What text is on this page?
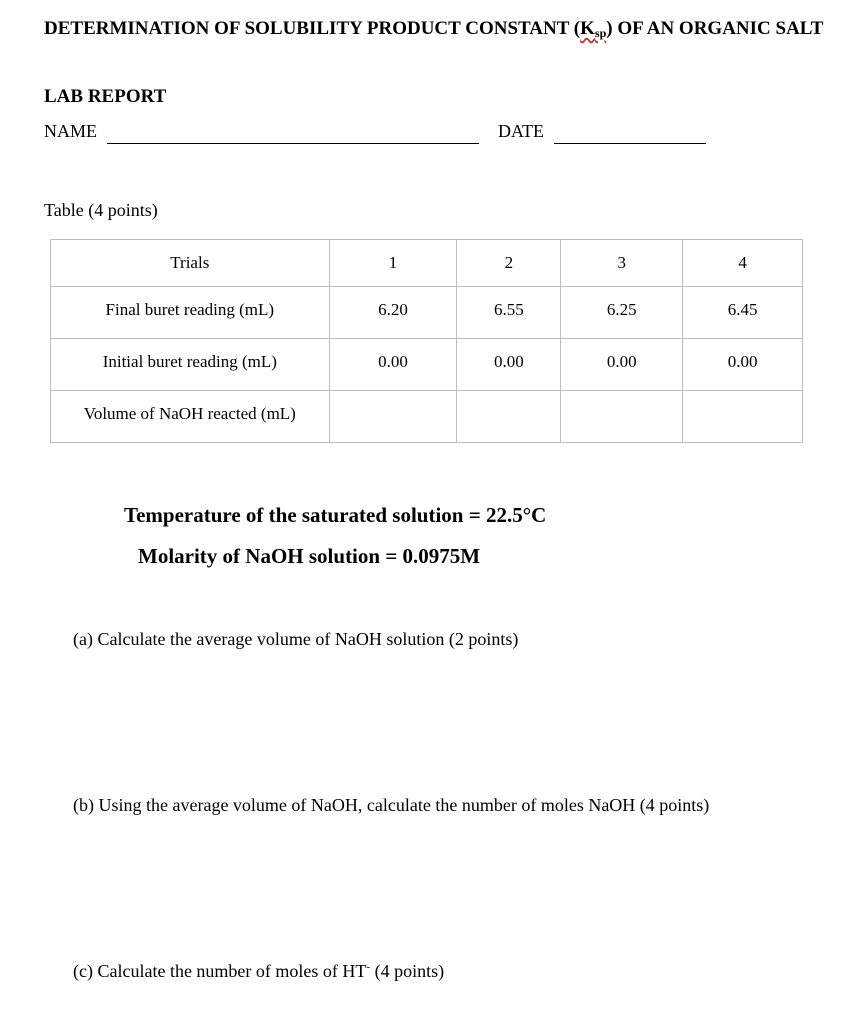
DETERMINATION OF SOLUBILITY PRODUCT CONSTANT $(K_{sp})$ OF AN ORGANIC SALT
LAB REPORT
NAME	DATE
Table (4 points)
Trials	1	2	3	4
Final buret reading (mL)	6.20	6.55	6.25	6.45
Initial buret reading (mL)	0.00	0.00	0.00	0.00
Volume of NaOH reacted (mL)				
Temperature of the saturated solution = 22.5°C
Molarity of NaOH solution = 0.0975M
(a) Calculate the average volume of NaOH solution (2 points)
(b) Using the average volume of NaOH, calculate the number of moles NaOH (4 points)
(c) Calculate the number of moles of HT- (4 points)
